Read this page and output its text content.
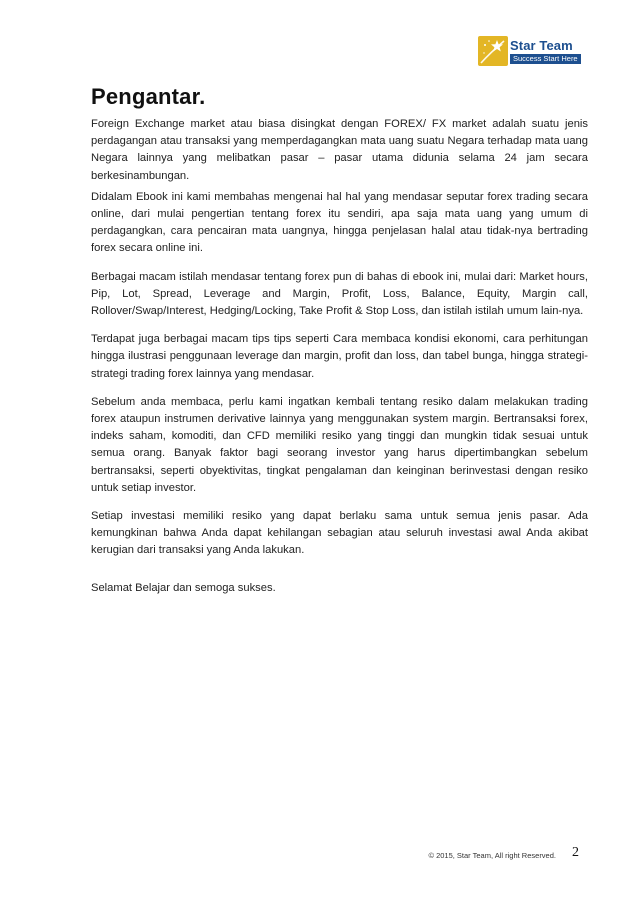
Star Team
Success Start Here
Pengantar.

Foreign Exchange market atau biasa disingkat dengan FOREX/ FX market adalah suatu jenis perdagangan atau transaksi yang memperdagangkan mata uang suatu Negara terhadap mata uang Negara lainnya yang melibatkan pasar – pasar utama didunia selama 24 jam secara berkesinambungan.

Didalam Ebook ini kami membahas mengenai hal hal yang mendasar seputar forex trading secara online, dari mulai pengertian tentang forex itu sendiri, apa saja mata uang yang umum di perdagangkan, cara pencairan mata uangnya, hingga penjelasan halal atau tidak-nya bertrading forex secara online ini.

Berbagai macam istilah mendasar tentang forex pun di bahas di ebook ini, mulai dari: Market hours, Pip, Lot, Spread, Leverage and Margin, Profit, Loss, Balance, Equity, Margin call, Rollover/Swap/Interest, Hedging/Locking, Take Profit & Stop Loss, dan istilah istilah umum lain-nya.

Terdapat juga berbagai macam tips tips seperti Cara membaca kondisi ekonomi, cara perhitungan hingga ilustrasi penggunaan leverage dan margin, profit dan loss, dan tabel bunga, hingga strategi-strategi trading forex lainnya yang mendasar.

Sebelum anda membaca, perlu kami ingatkan kembali tentang resiko dalam melakukan trading forex ataupun instrumen derivative lainnya yang menggunakan system margin. Bertransaksi forex, indeks saham, komoditi, dan CFD memiliki resiko yang tinggi dan mungkin tidak sesuai untuk semua orang. Banyak faktor bagi seorang investor yang harus dipertimbangkan sebelum bertransaksi, seperti obyektivitas, tingkat pengalaman dan keinginan berinvestasi dengan resiko untuk setiap investor.

Setiap investasi memiliki resiko yang dapat berlaku sama untuk semua jenis pasar. Ada kemungkinan bahwa Anda dapat kehilangan sebagian atau seluruh investasi awal Anda akibat kerugian dari transaksi yang Anda lakukan.

Selamat Belajar dan semoga sukses.

© 2015, Star Team, All right Reserved. 2
